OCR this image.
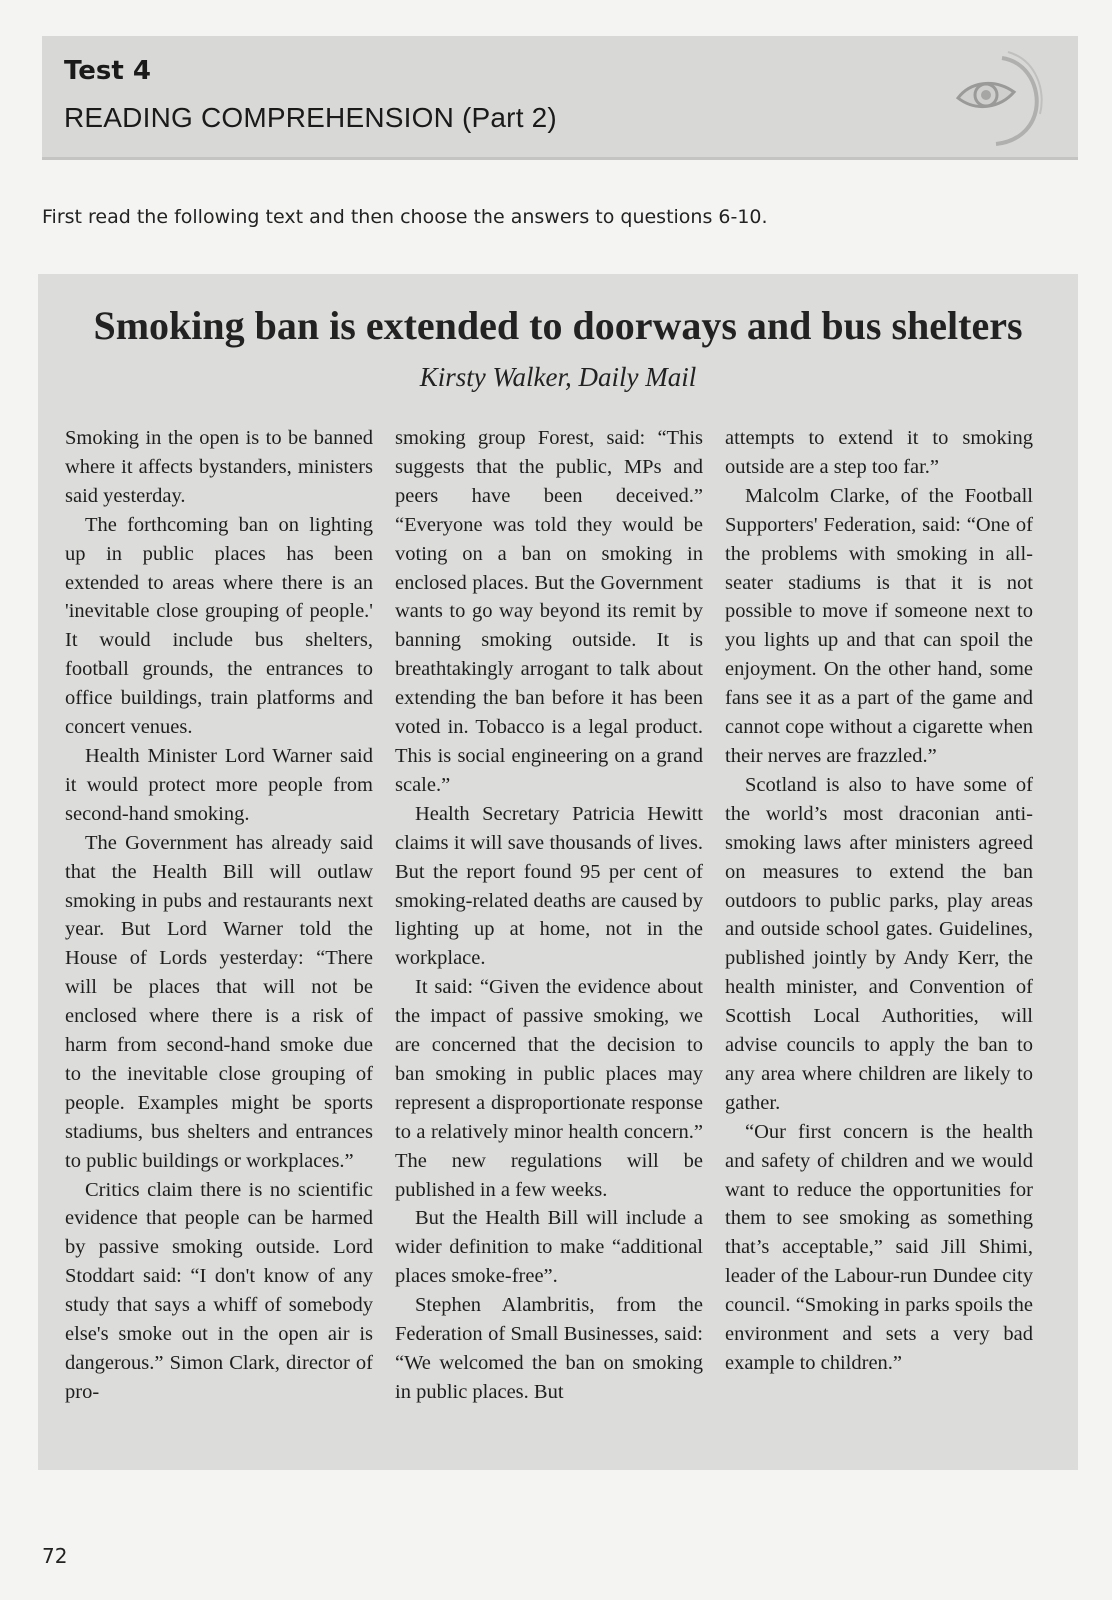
Test 4
READING COMPREHENSION (Part 2)
First read the following text and then choose the answers to questions 6-10.
Smoking ban is extended to doorways and bus shelters
Kirsty Walker, Daily Mail

Smoking in the open is to be banned where it affects bystanders, ministers said yesterday.

The forthcoming ban on lighting up in public places has been extended to areas where there is an 'inevitable close grouping of people.' It would include bus shelters, football grounds, the entrances to office buildings, train platforms and concert venues.

Health Minister Lord Warner said it would protect more people from second-hand smoking.

The Government has already said that the Health Bill will outlaw smoking in pubs and restaurants next year. But Lord Warner told the House of Lords yesterday: “There will be places that will not be enclosed where there is a risk of harm from second-hand smoke due to the inevitable close grouping of people. Examples might be sports stadiums, bus shelters and entrances to public buildings or workplaces.”

Critics claim there is no scientific evidence that people can be harmed by passive smoking outside. Lord Stoddart said: “I don't know of any study that says a whiff of somebody else's smoke out in the open air is dangerous.” Simon Clark, director of pro-

smoking group Forest, said: “This suggests that the public, MPs and peers have been deceived.” “Everyone was told they would be voting on a ban on smoking in enclosed places. But the Government wants to go way beyond its remit by banning smoking outside. It is breathtakingly arrogant to talk about extending the ban before it has been voted in. Tobacco is a legal product. This is social engineering on a grand scale.”

Health Secretary Patricia Hewitt claims it will save thousands of lives. But the report found 95 per cent of smoking-related deaths are caused by lighting up at home, not in the workplace.

It said: “Given the evidence about the impact of passive smoking, we are concerned that the decision to ban smoking in public places may represent a disproportionate response to a relatively minor health concern.” The new regulations will be published in a few weeks.

But the Health Bill will include a wider definition to make “additional places smoke-free”.

Stephen Alambritis, from the Federation of Small Businesses, said: “We welcomed the ban on smoking in public places. But

attempts to extend it to smoking outside are a step too far.”

Malcolm Clarke, of the Football Supporters' Federation, said: “One of the problems with smoking in all-seater stadiums is that it is not possible to move if someone next to you lights up and that can spoil the enjoyment. On the other hand, some fans see it as a part of the game and cannot cope without a cigarette when their nerves are frazzled.”

Scotland is also to have some of the world’s most draconian anti-smoking laws after ministers agreed on measures to extend the ban outdoors to public parks, play areas and outside school gates. Guidelines, published jointly by Andy Kerr, the health minister, and Convention of Scottish Local Authorities, will advise councils to apply the ban to any area where children are likely to gather.

“Our first concern is the health and safety of children and we would want to reduce the opportunities for them to see smoking as something that’s acceptable,” said Jill Shimi, leader of the Labour-run Dundee city council. “Smoking in parks spoils the environment and sets a very bad example to children.”

72
